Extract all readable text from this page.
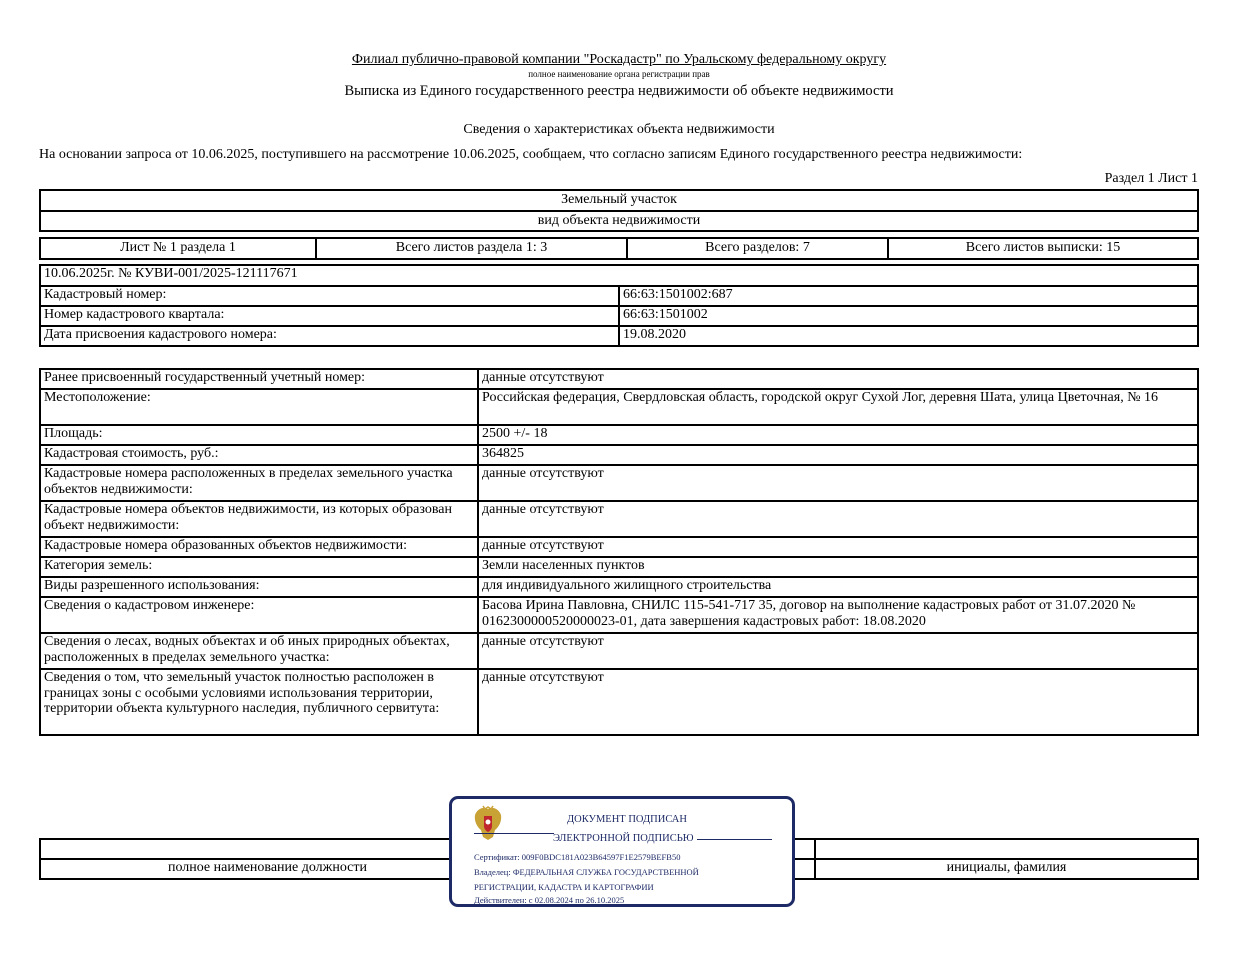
Филиал публично-правовой компании "Роскадастр" по Уральскому федеральному округу
полное наименование органа регистрации прав
Выписка из Единого государственного реестра недвижимости об объекте недвижимости
Сведения о характеристиках объекта недвижимости
На основании запроса от 10.06.2025, поступившего на рассмотрение 10.06.2025, сообщаем, что согласно записям Единого государственного реестра недвижимости:
Раздел 1 Лист 1
Земельный участок
вид объекта недвижимости
Лист № 1 раздела 1	Всего листов раздела 1: 3	Всего разделов: 7	Всего листов выписки: 15
10.06.2025г. № КУВИ-001/2025-121117671	
Кадастровый номер:	66:63:1501002:687
Номер кадастрового квартала:	66:63:1501002
Дата присвоения кадастрового номера:	19.08.2020
Ранее присвоенный государственный учетный номер:	данные отсутствуют
Местоположение:	Российская федерация, Свердловская область, городской округ Сухой Лог, деревня Шата, улица Цветочная, № 16
Площадь:	2500 +/- 18
Кадастровая стоимость, руб.:	364825
Кадастровые номера расположенных в пределах земельного участка объектов недвижимости:	данные отсутствуют
Кадастровые номера объектов недвижимости, из которых образован объект недвижимости:	данные отсутствуют
Кадастровые номера образованных объектов недвижимости:	данные отсутствуют
Категория земель:	Земли населенных пунктов
Виды разрешенного использования:	для индивидуального жилищного строительства
Сведения о кадастровом инженере:	Басова Ирина Павловна, СНИЛС 115-541-717 35, договор на выполнение кадастровых работ от 31.07.2020 № 0162300000520000023-01, дата завершения кадастровых работ: 18.08.2020
Сведения о лесах, водных объектах и об иных природных объектах, расположенных в пределах земельного участка:	данные отсутствуют
Сведения о том, что земельный участок полностью расположен в границах зоны с особыми условиями использования территории, территории объекта культурного наследия, публичного сервитута:	данные отсутствуют

полное наименование должности		инициалы, фамилия
ДОКУМЕНТ ПОДПИСАН
ЭЛЕКТРОННОЙ ПОДПИСЬЮ
Сертификат: 009F0BDC181A023B64597F1E2579BEFB50
Владелец: ФЕДЕРАЛЬНАЯ СЛУЖБА ГОСУДАРСТВЕННОЙ
РЕГИСТРАЦИИ, КАДАСТРА И КАРТОГРАФИИ
Действителен: с 02.08.2024 по 26.10.2025
